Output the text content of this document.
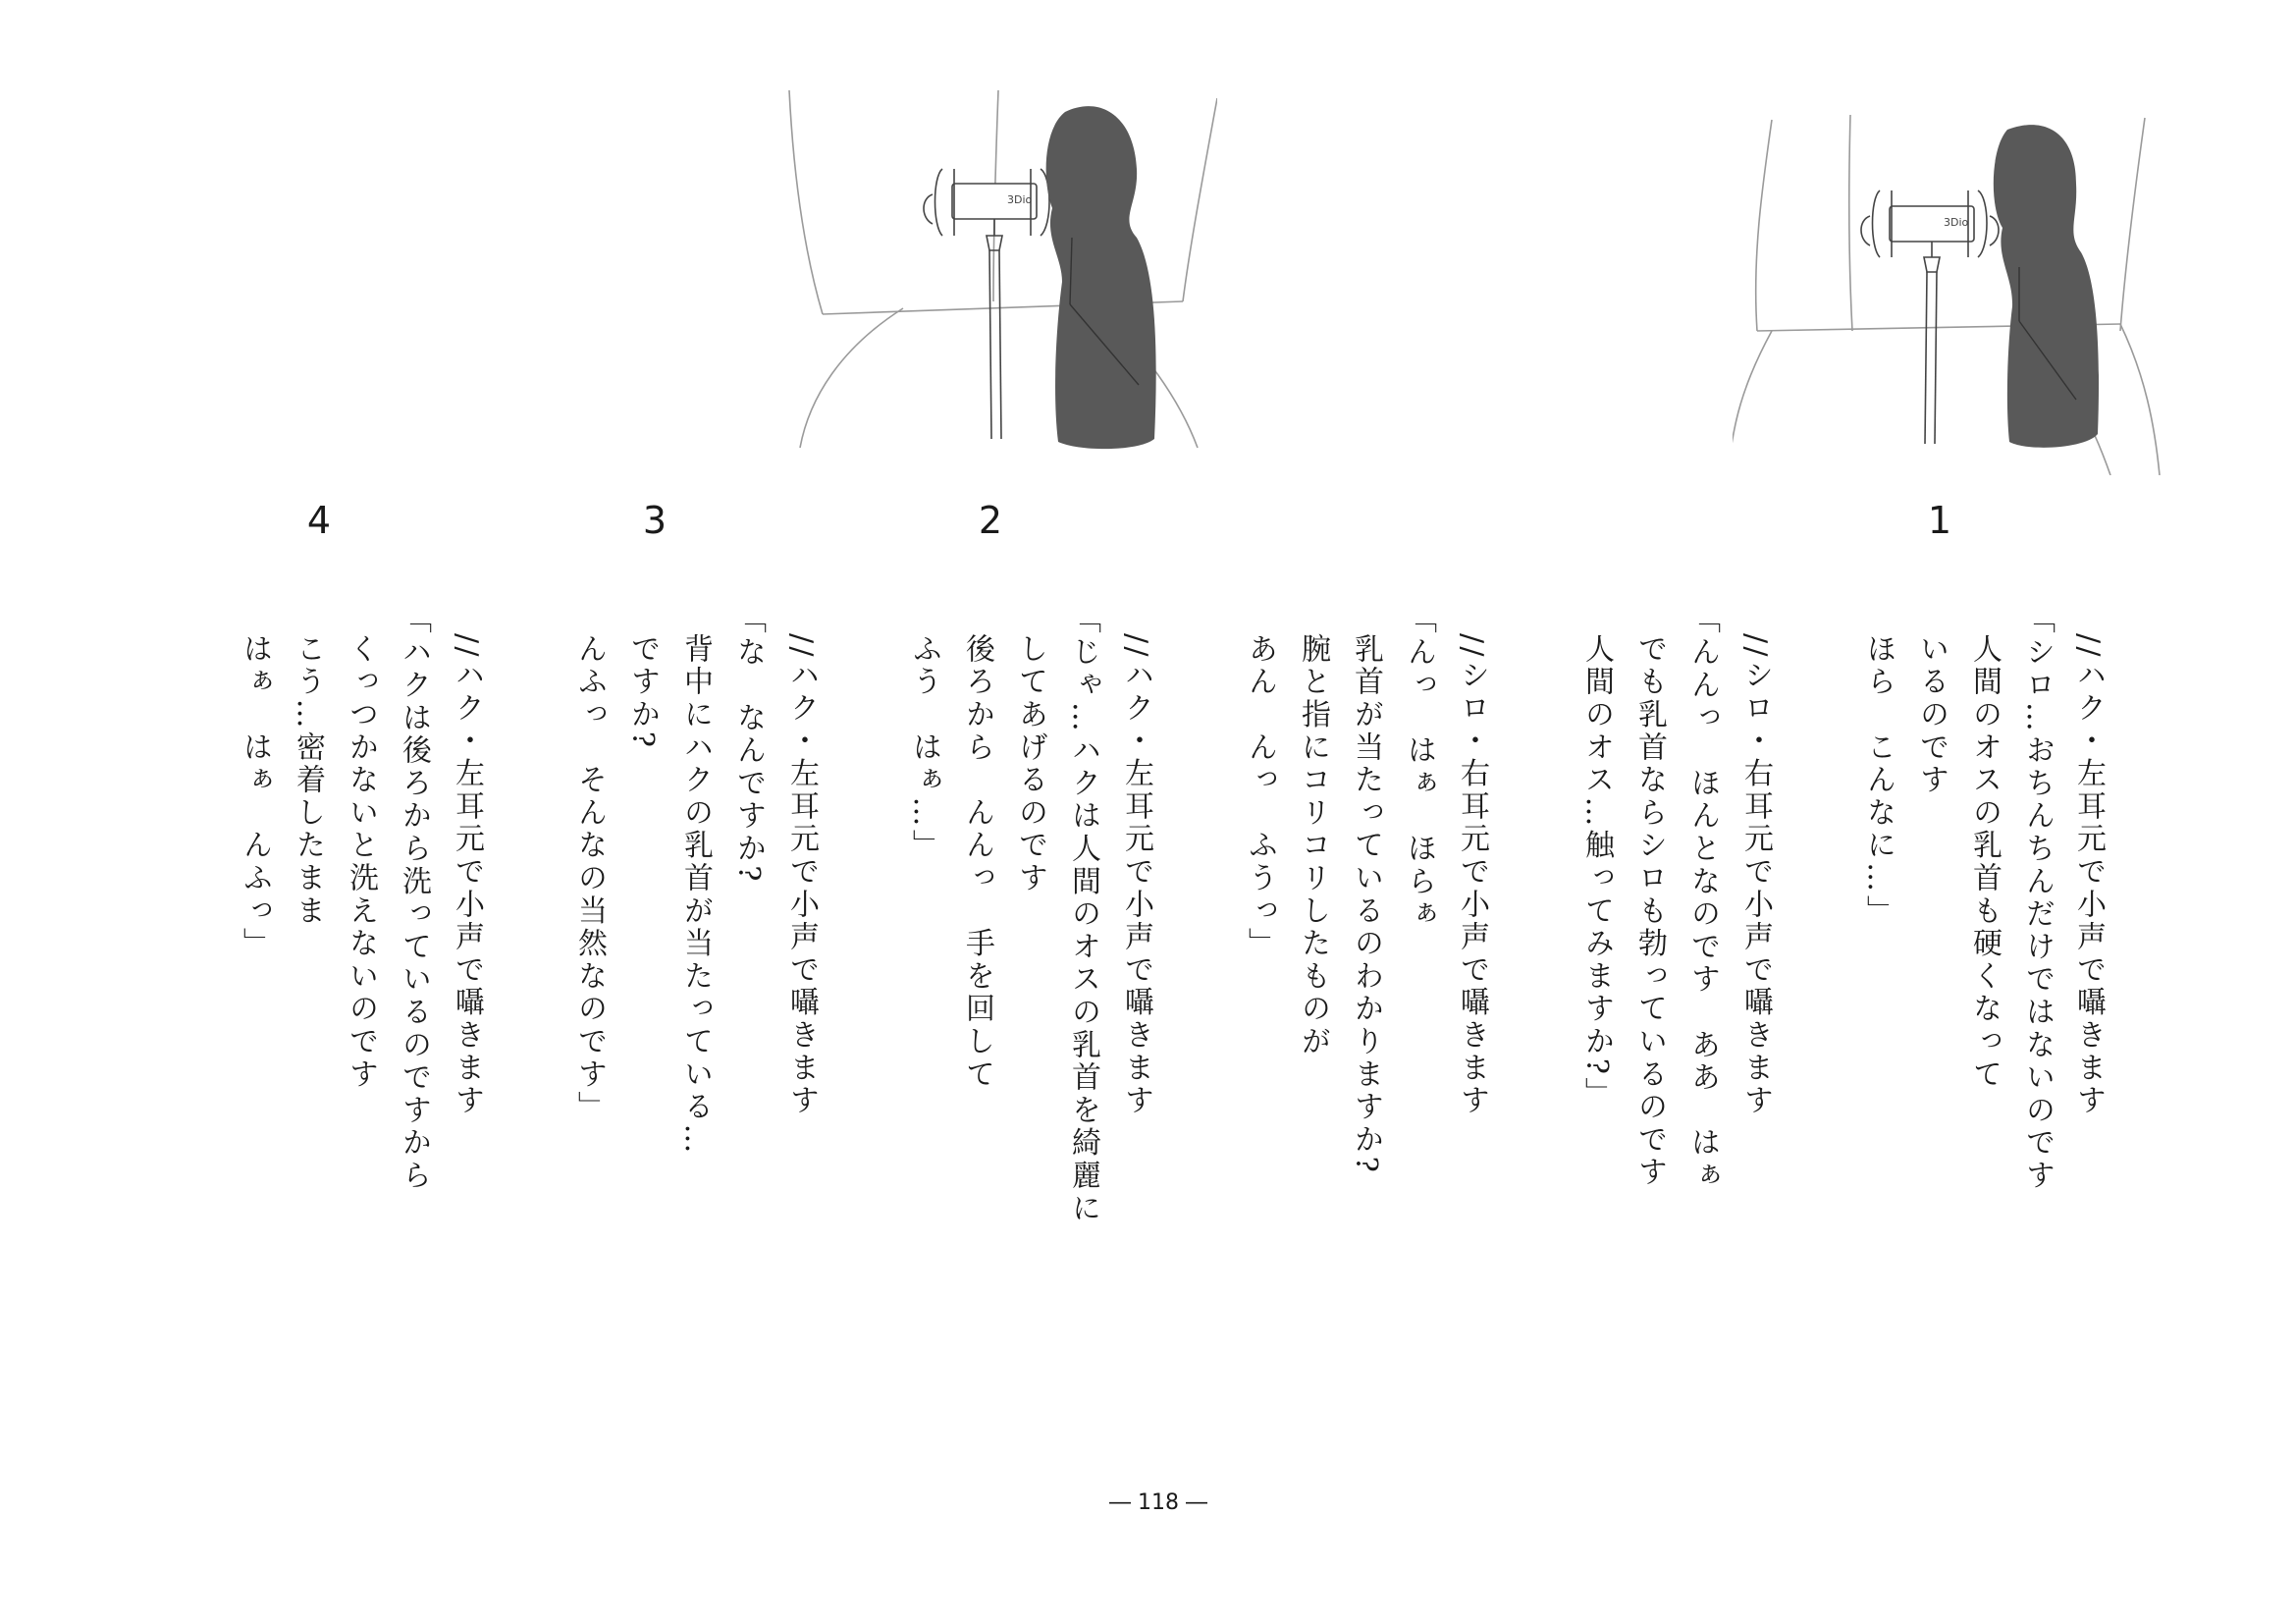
3Dio
3Dio
1
2
3
4
//ハク・左耳元で小声で囁きます
「シロ…おちんちんだけではないのです
人間のオスの乳首も硬くなって
いるのです
ほら　こんなに…」
//シロ・右耳元で小声で囁きます
「んんっ　ほんとなのです　ああ　はぁ
でも乳首ならシロも勃っているのです
人間のオス…触ってみますか?」
//シロ・右耳元で小声で囁きます
「んっ　はぁ　ほらぁ
乳首が当たっているのわかりますか?
腕と指にコリコリしたものが
あん　んっ　ふうっ」
//ハク・左耳元で小声で囁きます
「じゃ…ハクは人間のオスの乳首を綺麗に
してあげるのです
後ろから　んんっ　手を回して
ふう　はぁ…」
//ハク・左耳元で小声で囁きます
「な　なんですか?
背中にハクの乳首が当たっている…
ですか?
んふっ　そんなの当然なのです」
//ハク・左耳元で小声で囁きます
「ハクは後ろから洗っているのですから
くっつかないと洗えないのです
こう…密着したまま
はぁ　はぁ　んふっ」
― 118 ―
